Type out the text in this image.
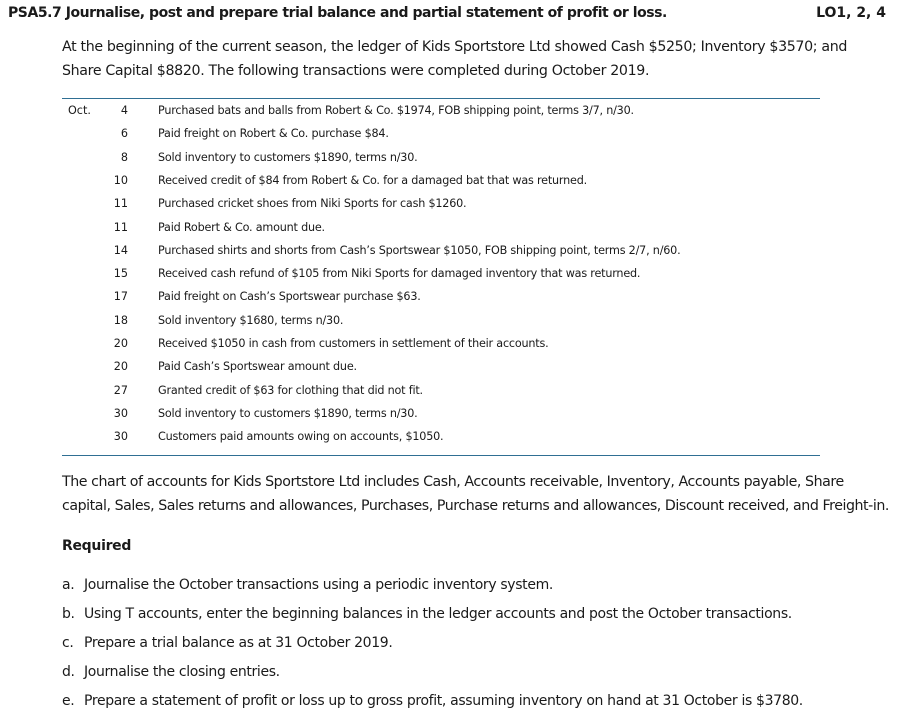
PSA5.7 Journalise, post and prepare trial balance and partial statement of profit or loss.	LO1, 2, 4
At the beginning of the current season, the ledger of Kids Sportstore Ltd showed Cash $5250; Inventory $3570; and Share Capital $8820. The following transactions were completed during October 2019.
Oct.	4	Purchased bats and balls from Robert & Co. $1974, FOB shipping point, terms 3/7, n/30.
6	Paid freight on Robert & Co. purchase $84.
8	Sold inventory to customers $1890, terms n/30.
10	Received credit of $84 from Robert & Co. for a damaged bat that was returned.
11	Purchased cricket shoes from Niki Sports for cash $1260.
11	Paid Robert & Co. amount due.
14	Purchased shirts and shorts from Cash’s Sportswear $1050, FOB shipping point, terms 2/7, n/60.
15	Received cash refund of $105 from Niki Sports for damaged inventory that was returned.
17	Paid freight on Cash’s Sportswear purchase $63.
18	Sold inventory $1680, terms n/30.
20	Received $1050 in cash from customers in settlement of their accounts.
20	Paid Cash’s Sportswear amount due.
27	Granted credit of $63 for clothing that did not fit.
30	Sold inventory to customers $1890, terms n/30.
30	Customers paid amounts owing on accounts, $1050.
The chart of accounts for Kids Sportstore Ltd includes Cash, Accounts receivable, Inventory, Accounts payable, Share capital, Sales, Sales returns and allowances, Purchases, Purchase returns and allowances, Discount received, and Freight-in.
Required
a. Journalise the October transactions using a periodic inventory system.
b. Using T accounts, enter the beginning balances in the ledger accounts and post the October transactions.
c. Prepare a trial balance as at 31 October 2019.
d. Journalise the closing entries.
e. Prepare a statement of profit or loss up to gross profit, assuming inventory on hand at 31 October is $3780.
